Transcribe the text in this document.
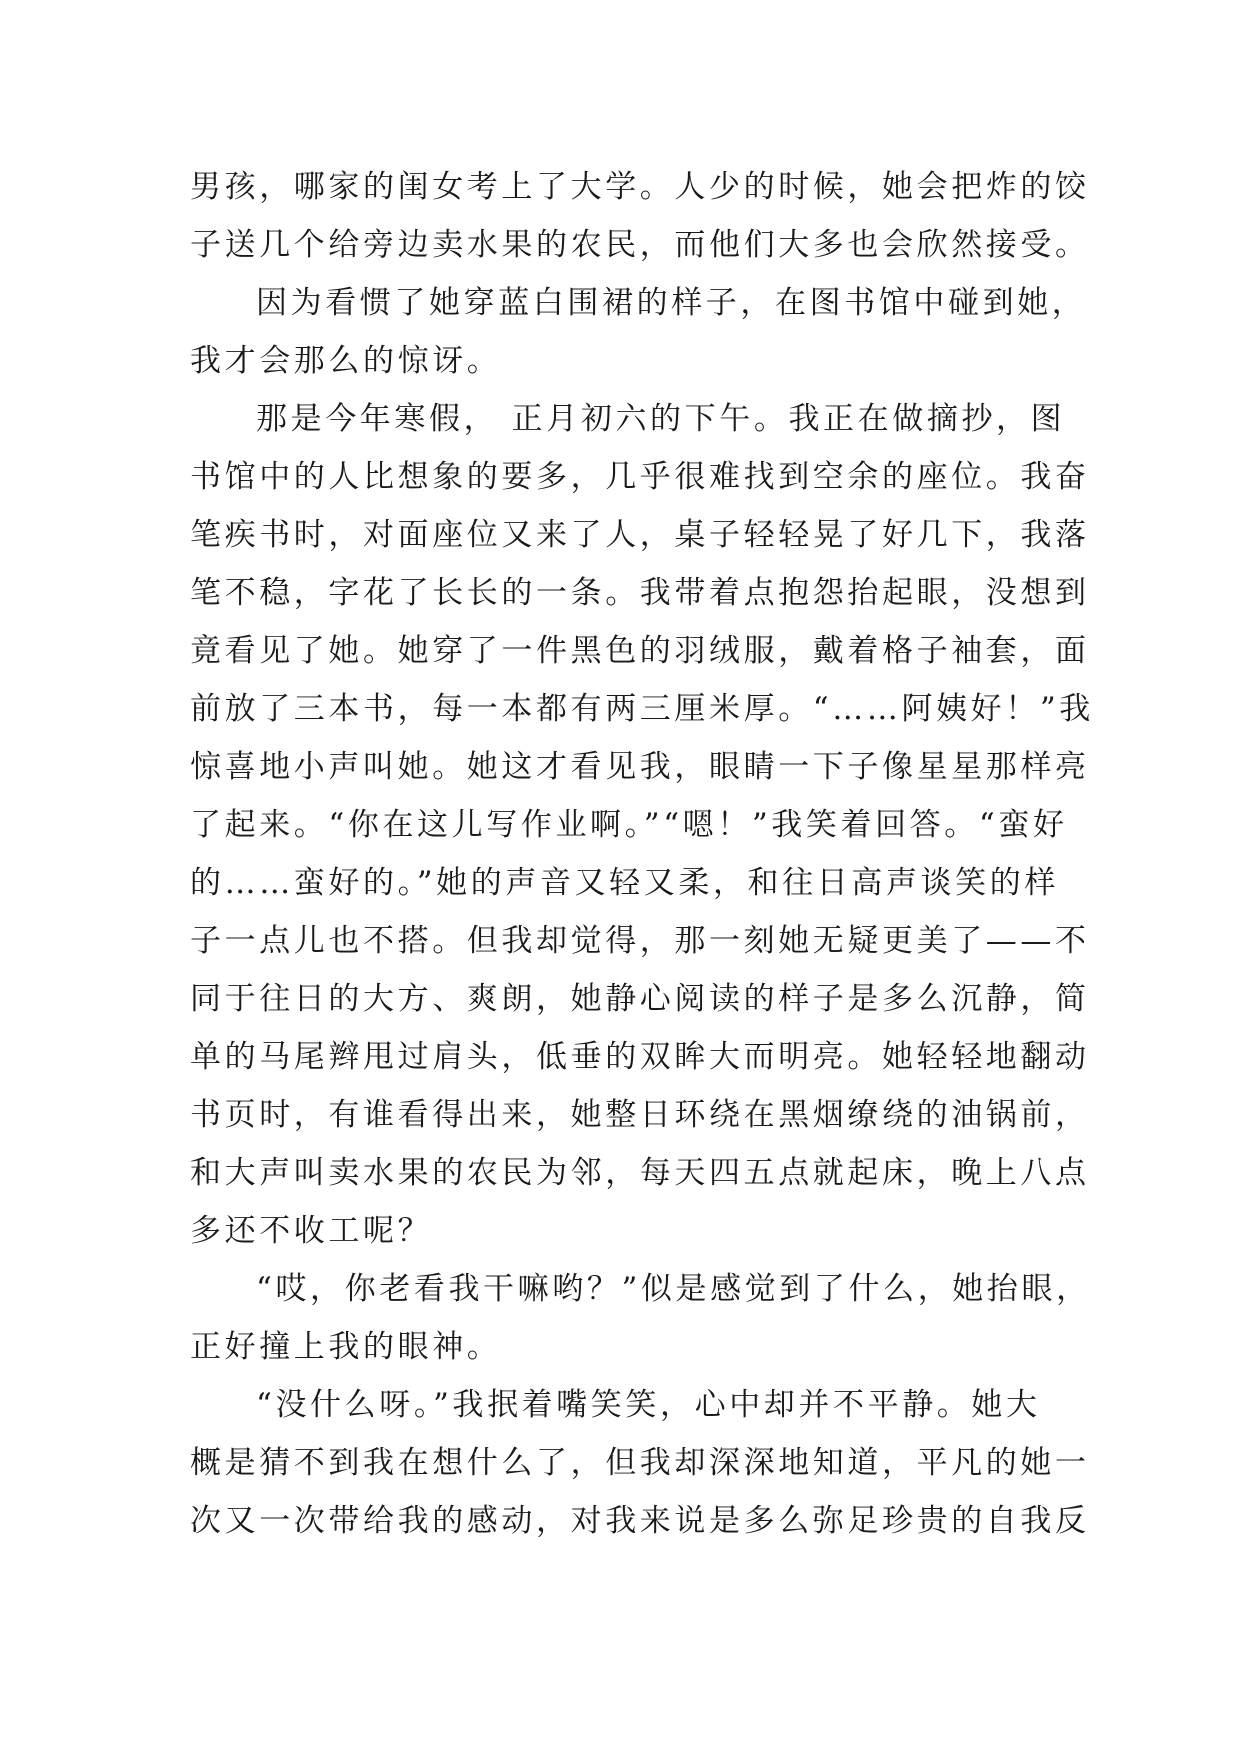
男孩，哪家的闺女考上了大学。人少的时候，她会把炸的饺
子送几个给旁边卖水果的农民，而他们大多也会欣然接受。
因为看惯了她穿蓝白围裙的样子，在图书馆中碰到她，
我才会那么的惊讶。
那是今年寒假， 正月初六的下午。我正在做摘抄，图
书馆中的人比想象的要多，几乎很难找到空余的座位。我奋
笔疾书时，对面座位又来了人，桌子轻轻晃了好几下，我落
笔不稳，字花了长长的一条。我带着点抱怨抬起眼，没想到
竟看见了她。她穿了一件黑色的羽绒服，戴着格子袖套，面
前放了三本书，每一本都有两三厘米厚。“……阿姨好！”我
惊喜地小声叫她。她这才看见我，眼睛一下子像星星那样亮
了起来。“你在这儿写作业啊。”“嗯！”我笑着回答。“蛮好
的……蛮好的。”她的声音又轻又柔，和往日高声谈笑的样
子一点儿也不搭。但我却觉得，那一刻她无疑更美了——不
同于往日的大方、爽朗，她静心阅读的样子是多么沉静，简
单的马尾辫甩过肩头，低垂的双眸大而明亮。她轻轻地翻动
书页时，有谁看得出来，她整日环绕在黑烟缭绕的油锅前，
和大声叫卖水果的农民为邻，每天四五点就起床，晚上八点
多还不收工呢？
“哎，你老看我干嘛哟？”似是感觉到了什么，她抬眼，
正好撞上我的眼神。
“没什么呀。”我抿着嘴笑笑，心中却并不平静。她大
概是猜不到我在想什么了，但我却深深地知道，平凡的她一
次又一次带给我的感动，对我来说是多么弥足珍贵的自我反
